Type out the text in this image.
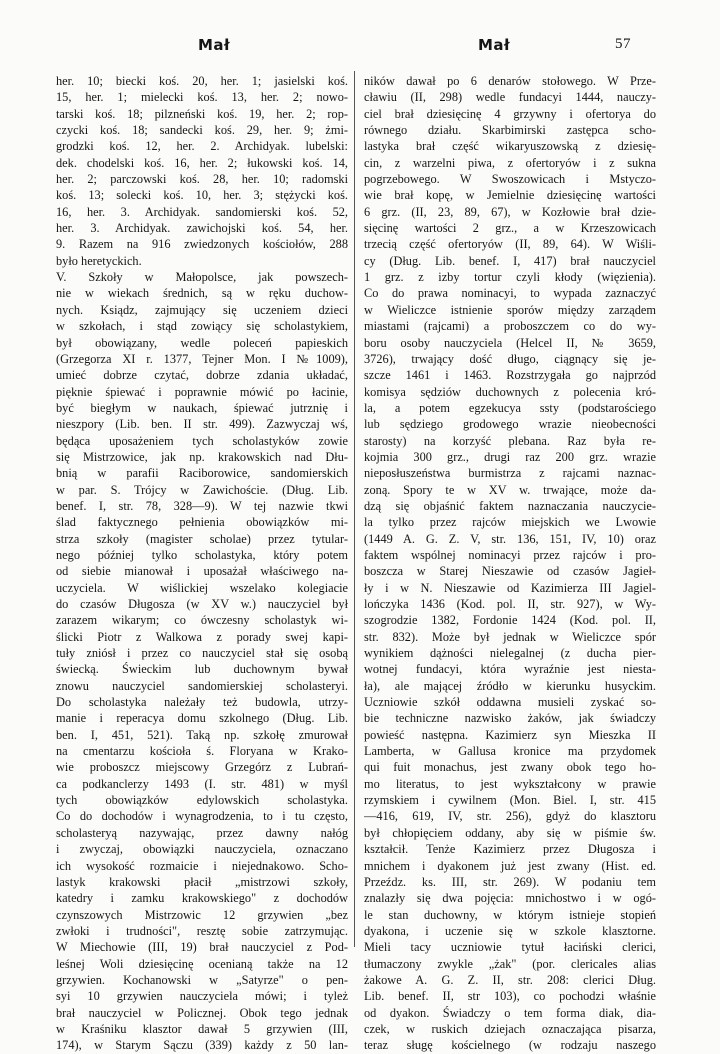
Mał	Mał	57
her. 10; biecki koś. 20, her. 1; jasielski koś.
15, her. 1; mielecki koś. 13, her. 2; nowo-
tarski koś. 18; pilzneński koś. 19, her. 2; rop-
czycki koś. 18; sandecki koś. 29, her. 9; żmi-
grodzki koś. 12, her. 2. Archidyak. lubelski:
dek. chodelski koś. 16, her. 2; łukowski koś. 14,
her. 2; parczowski koś. 28, her. 10; radomski
koś. 13; solecki koś. 10, her. 3; stężycki koś.
16, her. 3. Archidyak. sandomierski koś. 52,
her. 3. Archidyak. zawichojski koś. 54, her.
9. Razem na 916 zwiedzonych kościołów, 288
było heretyckich.
V. Szkoły w Małopolsce, jak powszech-
nie w wiekach średnich, są w ręku duchow-
nych. Ksiądz, zajmujący się uczeniem dzieci
w szkołach, i stąd zowiący się scholastykiem,
był obowiązany, wedle poleceń papieskich
(Grzegorza XI r. 1377, Tejner Mon. I №1009),
umieć dobrze czytać, dobrze zdania układać,
pięknie śpiewać i poprawnie mówić po łacinie,
być biegłym w naukach, śpiewać jutrznię i
nieszpory (Lib. ben. II str. 499). Zazwyczaj wś,
będąca uposażeniem tych scholastyków zowie
się Mistrzowice, jak np. krakowskich nad Dłu-
bnią w parafii Raciborowice, sandomierskich
w par. S. Trójcy w Zawichoście. (Dług. Lib.
benef. I, str. 78, 328—9). W tej nazwie tkwi
ślad faktycznego pełnienia obowiązków mi-
strza szkoły (magister scholae) przez tytular-
nego później tylko scholastyka, który potem
od siebie mianował i uposażał właściwego na-
uczyciela. W wiślickiej wszelako kolegiacie
do czasów Długosza (w XV w.) nauczyciel był
zarazem wikarym; co ówczesny scholastyk wi-
ślicki Piotr z Walkowa z porady swej kapi-
tuły zniósł i przez co nauczyciel stał się osobą
świecką. Świeckim lub duchownym bywał
znowu nauczyciel sandomierskiej scholasteryi.
Do scholastyka należały też budowla, utrzy-
manie i reperacya domu szkolnego (Dług. Lib.
ben. I, 451, 521). Taką np. szkołę zmurował
na cmentarzu kościoła ś. Floryana w Krako-
wie proboszcz miejscowy Grzegórz z Lubrań-
ca podkanclerzy 1493 (I. str. 481) w myśl
tych obowiązków edylowskich scholastyka.
Co do dochodów i wynagrodzenia, to i tu często,
scholasteryą nazywając, przez dawny nałóg
i zwyczaj, obowiązki nauczyciela, oznaczano
ich wysokość rozmaicie i niejednakowo. Scho-
lastyk krakowski płacił „mistrzowi szkoły,
katedry i zamku krakowskiego" z dochodów
czynszowych Mistrzowic 12 grzywien „bez
zwłoki i trudności", resztę sobie zatrzymując.
W Miechowie (III, 19) brał nauczyciel z Pod-
leśnej Woli dziesięcinę ocenianą także na 12
grzywien. Kochanowski w „Satyrze" o pen-
syi 10 grzywien nauczyciela mówi; i tyleż
brał nauczyciel w Policznej. Obok tego jednak
w Kraśniku klasztor dawał 5 grzywien (III,
174), w Starym Sączu (339) każdy z 50 lan-
ników dawał po 6 denarów stołowego. W Prze-
cławiu (II, 298) wedle fundacyi 1444, nauczy-
ciel brał dziesięcinę 4 grzywny i ofertorya do
równego działu. Skarbimirski zastępca scho-
lastyka brał część wikaryuszowską z dziesię-
cin, z warzelni piwa, z ofertoryów i z sukna
pogrzebowego. W Swoszowicach i Mstyczo-
wie brał kopę, w Jemielnie dziesięcinę wartości
6 grz. (II, 23, 89, 67), w Kozłowie brał dzie-
sięcinę wartości 2 grz., a w Krzeszowicach
trzecią część ofertoryów (II, 89, 64). W Wiśli-
cy (Dług. Lib. benef. I, 417) brał nauczyciel
1 grz. z izby tortur czyli kłody (więzienia).
Co do prawa nominacyi, to wypada zaznaczyć
w Wieliczce istnienie sporów między zarządem
miastami (rajcami) a proboszczem co do wy-
boru osoby nauczyciela (Helcel II, № 3659,
3726), trwający dość długo, ciągnący się je-
szcze 1461 i 1463. Rozstrzygała go najprzód
komisya sędziów duchownych z polecenia kró-
la, a potem egzekucya ssty (podstarościego
lub sędziego grodowego wrazie nieobecności
starosty) na korzyść plebana. Raz była re-
kojmia 300 grz., drugi raz 200 grz. wrazie
nieposłuszeństwa burmistrza z rajcami naznac-
zoną. Spory te w XV w. trwające, może da-
dzą się objaśnić faktem naznaczania nauczycie-
la tylko przez rajców miejskich we Lwowie
(1449 A. G. Z. V, str. 136, 151, IV, 10) oraz
faktem wspólnej nominacyi przez rajców i pro-
boszcza w Starej Nieszawie od czasów Jagieł-
ły i w N. Nieszawie od Kazimierza III Jagiel-
lończyka 1436 (Kod. pol. II, str. 927), w Wy-
szogrodzie 1382, Fordonie 1424 (Kod. pol. II,
str. 832). Może był jednak w Wieliczce spór
wynikiem dążności nielegalnej (z ducha pier-
wotnej fundacyi, która wyraźnie jest niesta-
ła), ale mającej źródło w kierunku husyckim.
Uczniowie szkół oddawna musieli zyskać so-
bie techniczne nazwisko żaków, jak świadczy
powieść następna. Kazimierz syn Mieszka II
Lamberta, w Gallusa kronice ma przydomek
qui fuit monachus, jest zwany obok tego ho-
mo literatus, to jest wykształcony w prawie
rzymskiem i cywilnem (Mon. Biel. I, str. 415
—416, 619, IV, str. 256), gdyż do klasztoru
był chłopięciem oddany, aby się w piśmie św.
kształcił. Tenże Kazimierz przez Długosza i
mnichem i dyakonem już jest zwany (Hist. ed.
Przeźdz. ks. III, str. 269). W podaniu tem
znalazły się dwa pojęcia: mnichostwo i w ogó-
le stan duchowny, w którym istnieje stopień
dyakona, i uczenie się w szkole klasztorne.
Mieli tacy uczniowie tytuł łaciński clerici,
tłumaczony zwykle „żak" (por. clericales alias
żakowe A. G. Z. II, str. 208: clerici Dług.
Lib. benef. II, str 103), co pochodzi właśnie
od dyakon. Świadczy o tem forma diak, dia-
czek, w ruskich dziejach oznaczająca pisarza,
teraz sługę kościelnego (w rodzaju naszego
